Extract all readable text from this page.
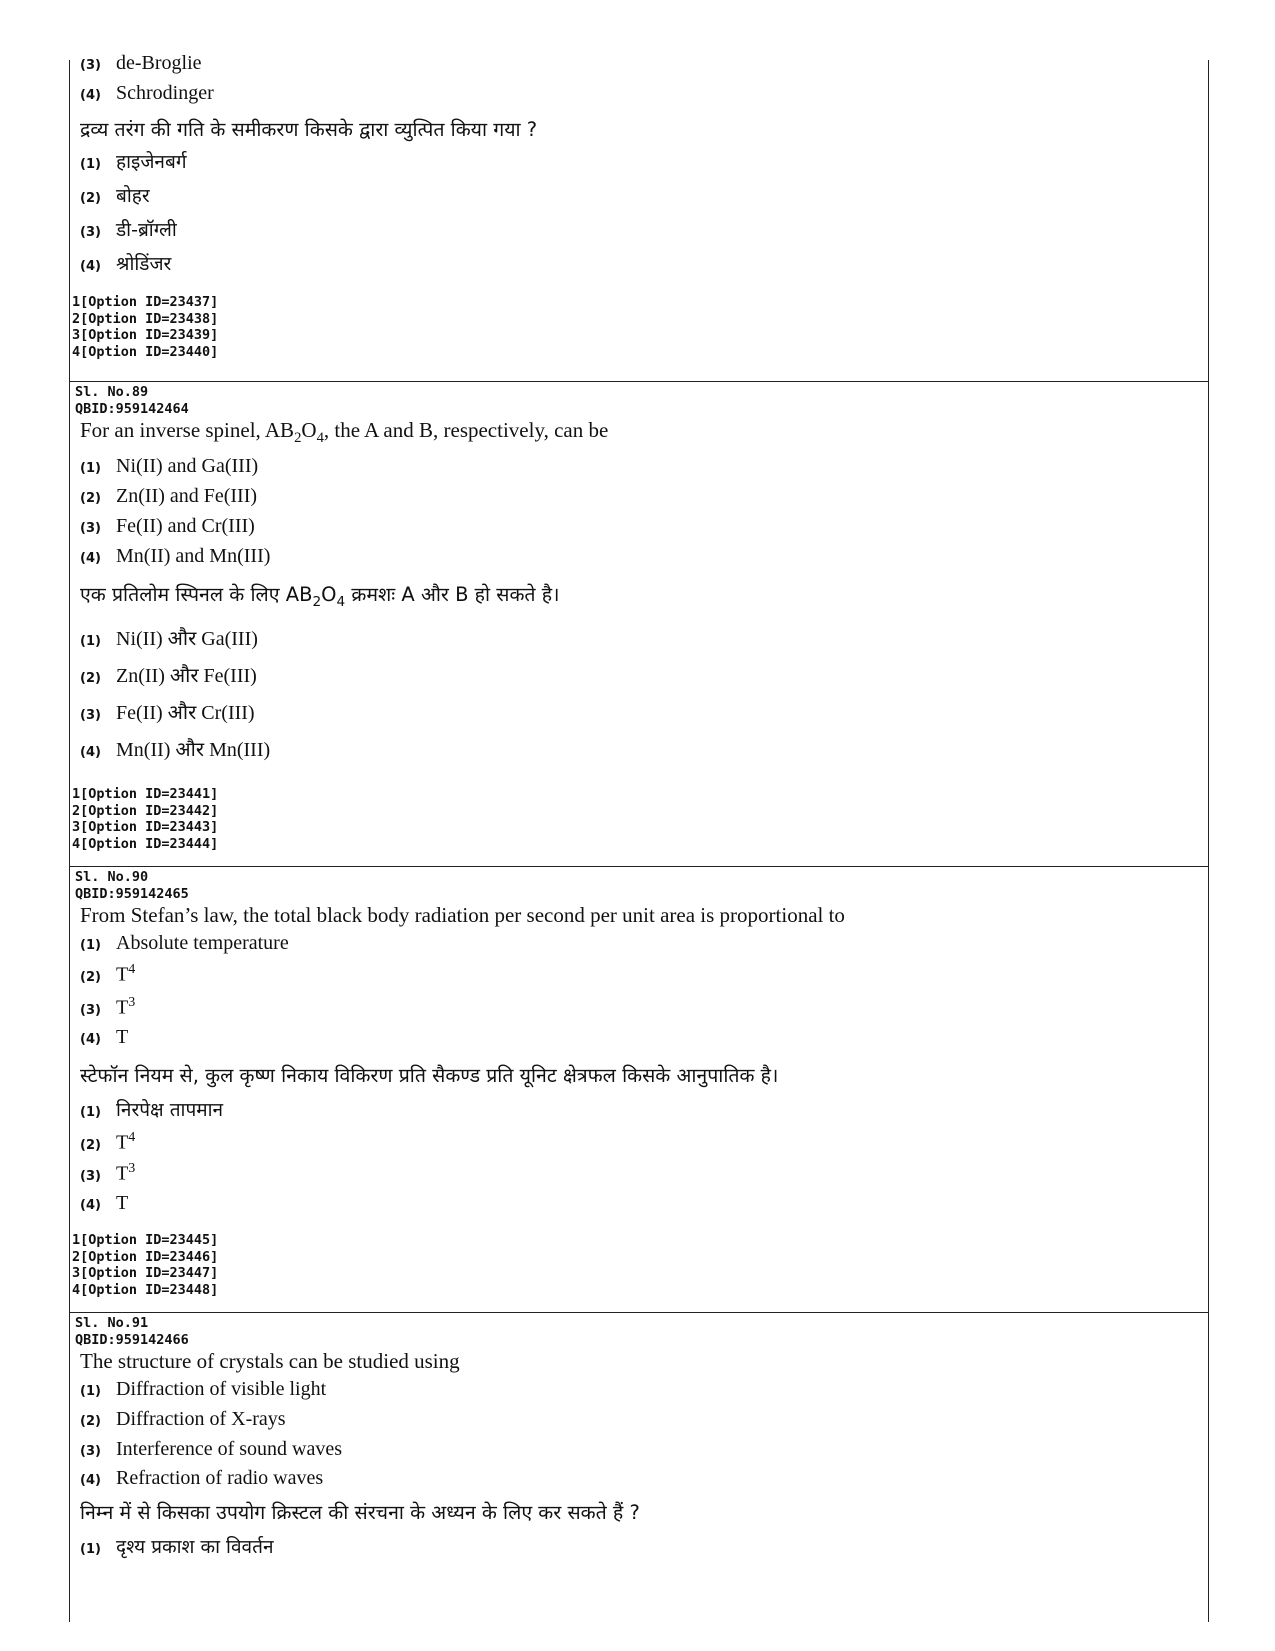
(3) de-Broglie
(4) Schrodinger
द्रव्य तरंग की गति के समीकरण किसके द्वारा व्युत्पित किया गया ?
(1) हाइजेनबर्ग
(2) बोहर
(3) डी-ब्रॉग्ली
(4) श्रोडिंजर
1[Option ID=23437]
2[Option ID=23438]
3[Option ID=23439]
4[Option ID=23440]
Sl. No.89
QBID:959142464
For an inverse spinel, $AB_2O_4$, the A and B, respectively, can be
(1) Ni(II) and Ga(III)
(2) Zn(II) and Fe(III)
(3) Fe(II) and Cr(III)
(4) Mn(II) and Mn(III)
एक प्रतिलोम स्पिनल के लिए $AB_2O_4$ क्रमशः A और B हो सकते है।
(1) Ni(II) और Ga(III)
(2) Zn(II) और Fe(III)
(3) Fe(II) और Cr(III)
(4) Mn(II) और Mn(III)
1[Option ID=23441]
2[Option ID=23442]
3[Option ID=23443]
4[Option ID=23444]
Sl. No.90
QBID:959142465
From Stefan’s law, the total black body radiation per second per unit area is proportional to
(1) Absolute temperature
(2) $T^4$
(3) $T^3$
(4) T
स्टेफॉन नियम से, कुल कृष्ण निकाय विकिरण प्रति सैकण्ड प्रति यूनिट क्षेत्रफल किसके आनुपातिक है।
(1) निरपेक्ष तापमान
(2) $T^4$
(3) $T^3$
(4) T
1[Option ID=23445]
2[Option ID=23446]
3[Option ID=23447]
4[Option ID=23448]
Sl. No.91
QBID:959142466
The structure of crystals can be studied using
(1) Diffraction of visible light
(2) Diffraction of X-rays
(3) Interference of sound waves
(4) Refraction of radio waves
निम्न में से किसका उपयोग क्रिस्टल की संरचना के अध्यन के लिए कर सकते हैं ?
(1) दृश्य प्रकाश का विवर्तन
